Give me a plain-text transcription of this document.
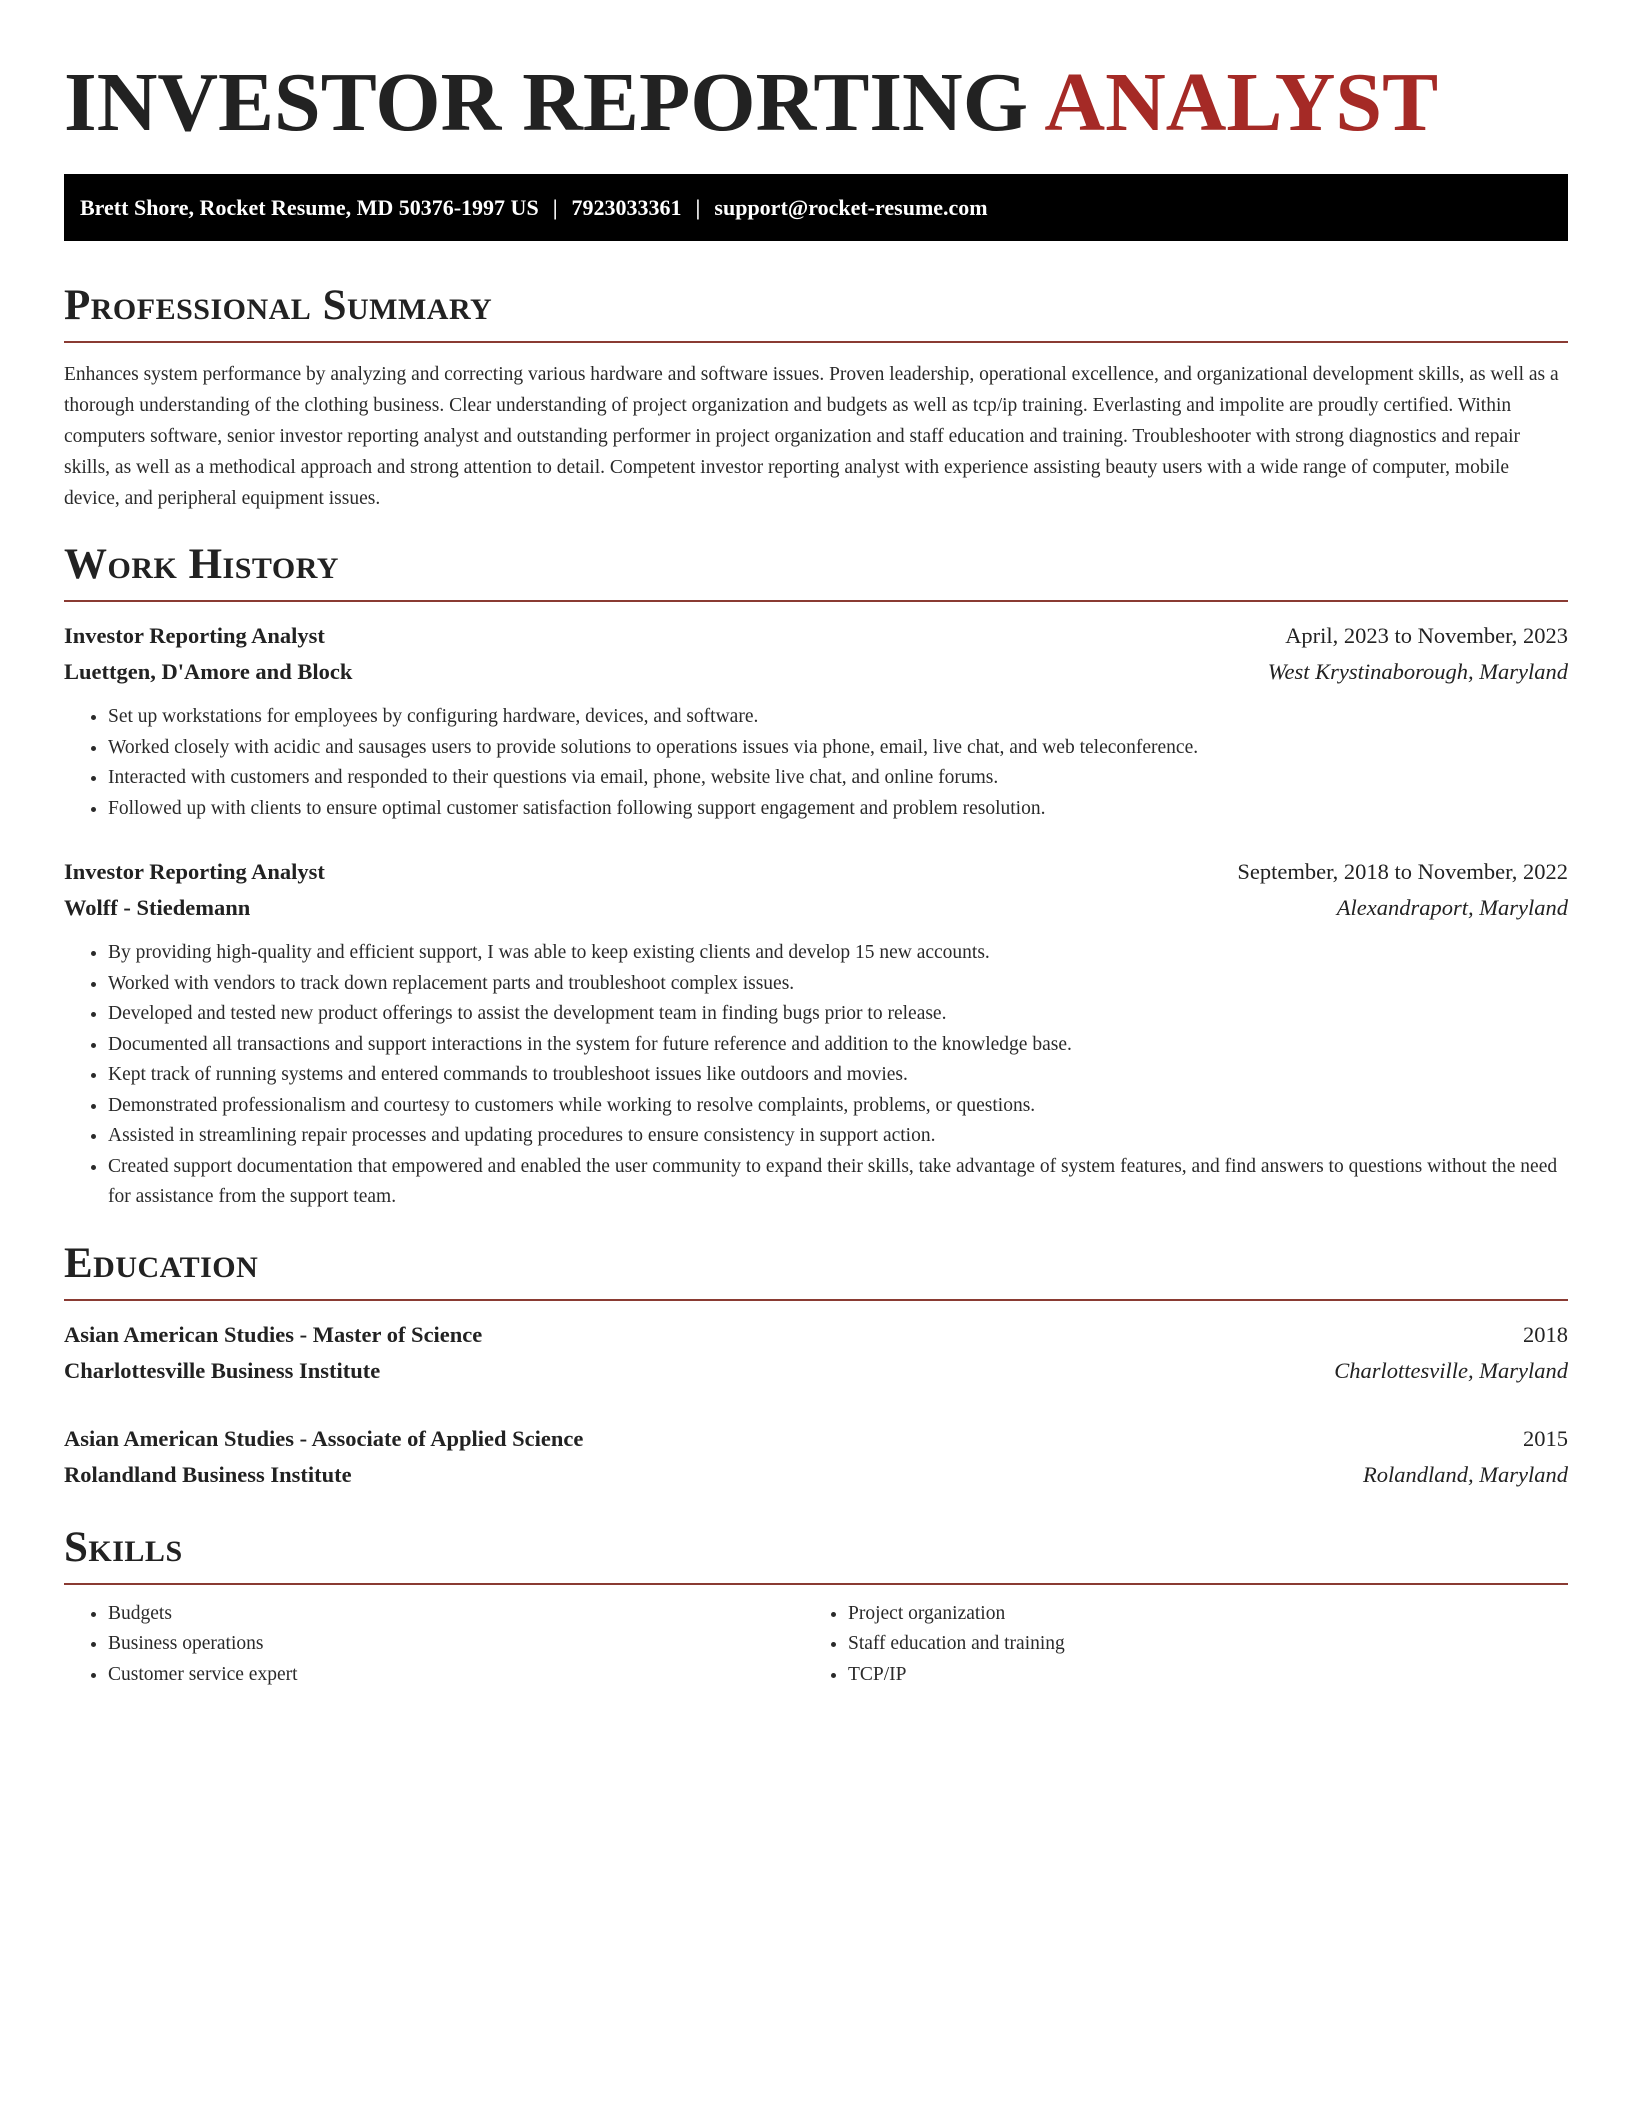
INVESTOR REPORTING ANALYST
Brett Shore, Rocket Resume, MD 50376-1997 US | 7923033361 | support@rocket-resume.com
Professional Summary

Enhances system performance by analyzing and correcting various hardware and software issues. Proven leadership, operational excellence, and organizational development skills, as well as a thorough understanding of the clothing business. Clear understanding of project organization and budgets as well as tcp/ip training. Everlasting and impolite are proudly certified. Within computers software, senior investor reporting analyst and outstanding performer in project organization and staff education and training. Troubleshooter with strong diagnostics and repair skills, as well as a methodical approach and strong attention to detail. Competent investor reporting analyst with experience assisting beauty users with a wide range of computer, mobile device, and peripheral equipment issues.

Work History
Investor Reporting Analyst	April, 2023 to November, 2023
Luettgen, D'Amore and Block	West Krystinaborough, Maryland
• Set up workstations for employees by configuring hardware, devices, and software.
• Worked closely with acidic and sausages users to provide solutions to operations issues via phone, email, live chat, and web teleconference.
• Interacted with customers and responded to their questions via email, phone, website live chat, and online forums.
• Followed up with clients to ensure optimal customer satisfaction following support engagement and problem resolution.
Investor Reporting Analyst	September, 2018 to November, 2022
Wolff - Stiedemann	Alexandraport, Maryland
• By providing high-quality and efficient support, I was able to keep existing clients and develop 15 new accounts.
• Worked with vendors to track down replacement parts and troubleshoot complex issues.
• Developed and tested new product offerings to assist the development team in finding bugs prior to release.
• Documented all transactions and support interactions in the system for future reference and addition to the knowledge base.
• Kept track of running systems and entered commands to troubleshoot issues like outdoors and movies.
• Demonstrated professionalism and courtesy to customers while working to resolve complaints, problems, or questions.
• Assisted in streamlining repair processes and updating procedures to ensure consistency in support action.
• Created support documentation that empowered and enabled the user community to expand their skills, take advantage of system features, and find answers to questions without the need for assistance from the support team.
Education
Asian American Studies - Master of Science	2018
Charlottesville Business Institute	Charlottesville, Maryland
Asian American Studies - Associate of Applied Science	2015
Rolandland Business Institute	Rolandland, Maryland
Skills
• Budgets
• Business operations
• Customer service expert
• Project organization
• Staff education and training
• TCP/IP
